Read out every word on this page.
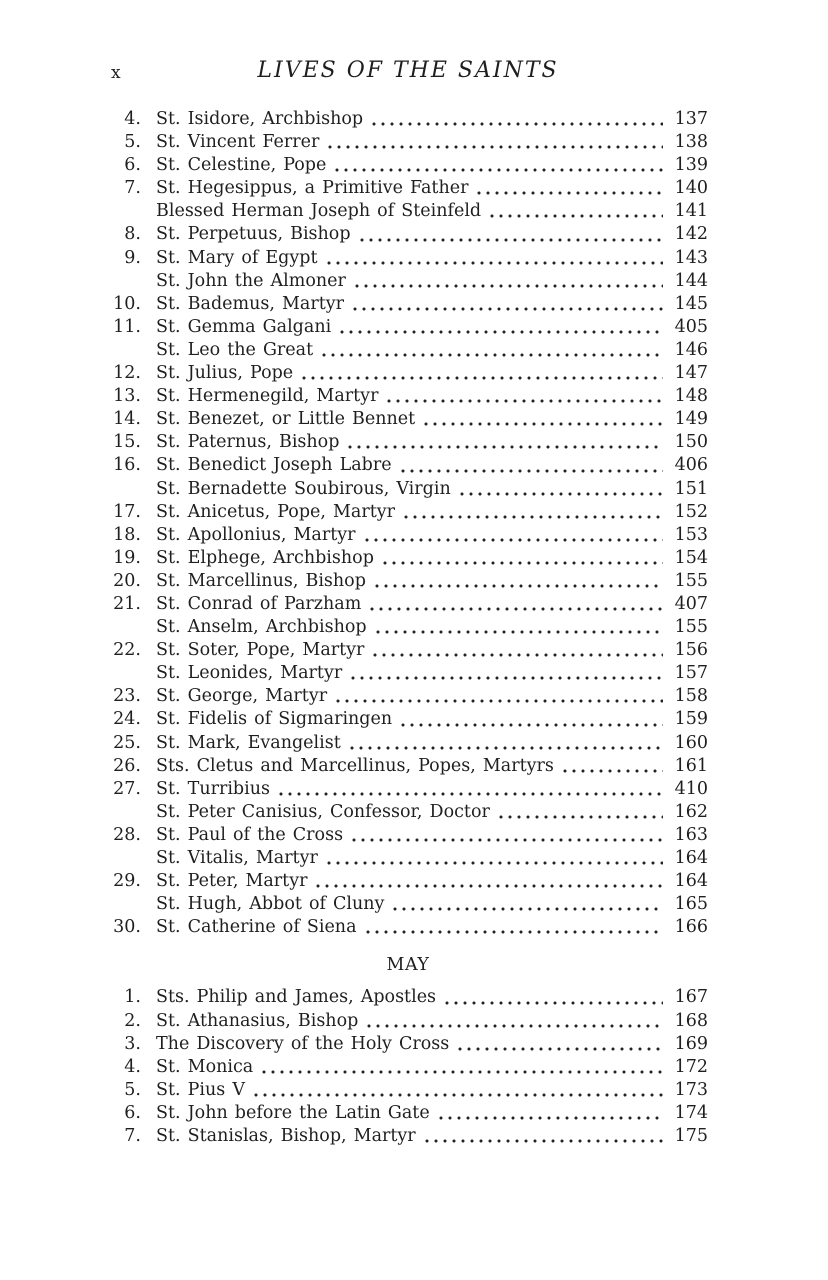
x	LIVES OF THE SAINTS
4. St. Isidore, Archbishop	137
5. St. Vincent Ferrer	138
6. St. Celestine, Pope	139
7. St. Hegesippus, a Primitive Father	140
Blessed Herman Joseph of Steinfeld	141
8. St. Perpetuus, Bishop	142
9. St. Mary of Egypt	143
St. John the Almoner	144
10. St. Bademus, Martyr	145
11. St. Gemma Galgani	405
St. Leo the Great	146
12. St. Julius, Pope	147
13. St. Hermenegild, Martyr	148
14. St. Benezet, or Little Bennet	149
15. St. Paternus, Bishop	150
16. St. Benedict Joseph Labre	406
St. Bernadette Soubirous, Virgin	151
17. St. Anicetus, Pope, Martyr	152
18. St. Apollonius, Martyr	153
19. St. Elphege, Archbishop	154
20. St. Marcellinus, Bishop	155
21. St. Conrad of Parzham	407
St. Anselm, Archbishop	155
22. St. Soter, Pope, Martyr	156
St. Leonides, Martyr	157
23. St. George, Martyr	158
24. St. Fidelis of Sigmaringen	159
25. St. Mark, Evangelist	160
26. Sts. Cletus and Marcellinus, Popes, Martyrs	161
27. St. Turribius	410
St. Peter Canisius, Confessor, Doctor	162
28. St. Paul of the Cross	163
St. Vitalis, Martyr	164
29. St. Peter, Martyr	164
St. Hugh, Abbot of Cluny	165
30. St. Catherine of Siena	166
MAY
1. Sts. Philip and James, Apostles	167
2. St. Athanasius, Bishop	168
3. The Discovery of the Holy Cross	169
4. St. Monica	172
5. St. Pius V	173
6. St. John before the Latin Gate	174
7. St. Stanislas, Bishop, Martyr	175
